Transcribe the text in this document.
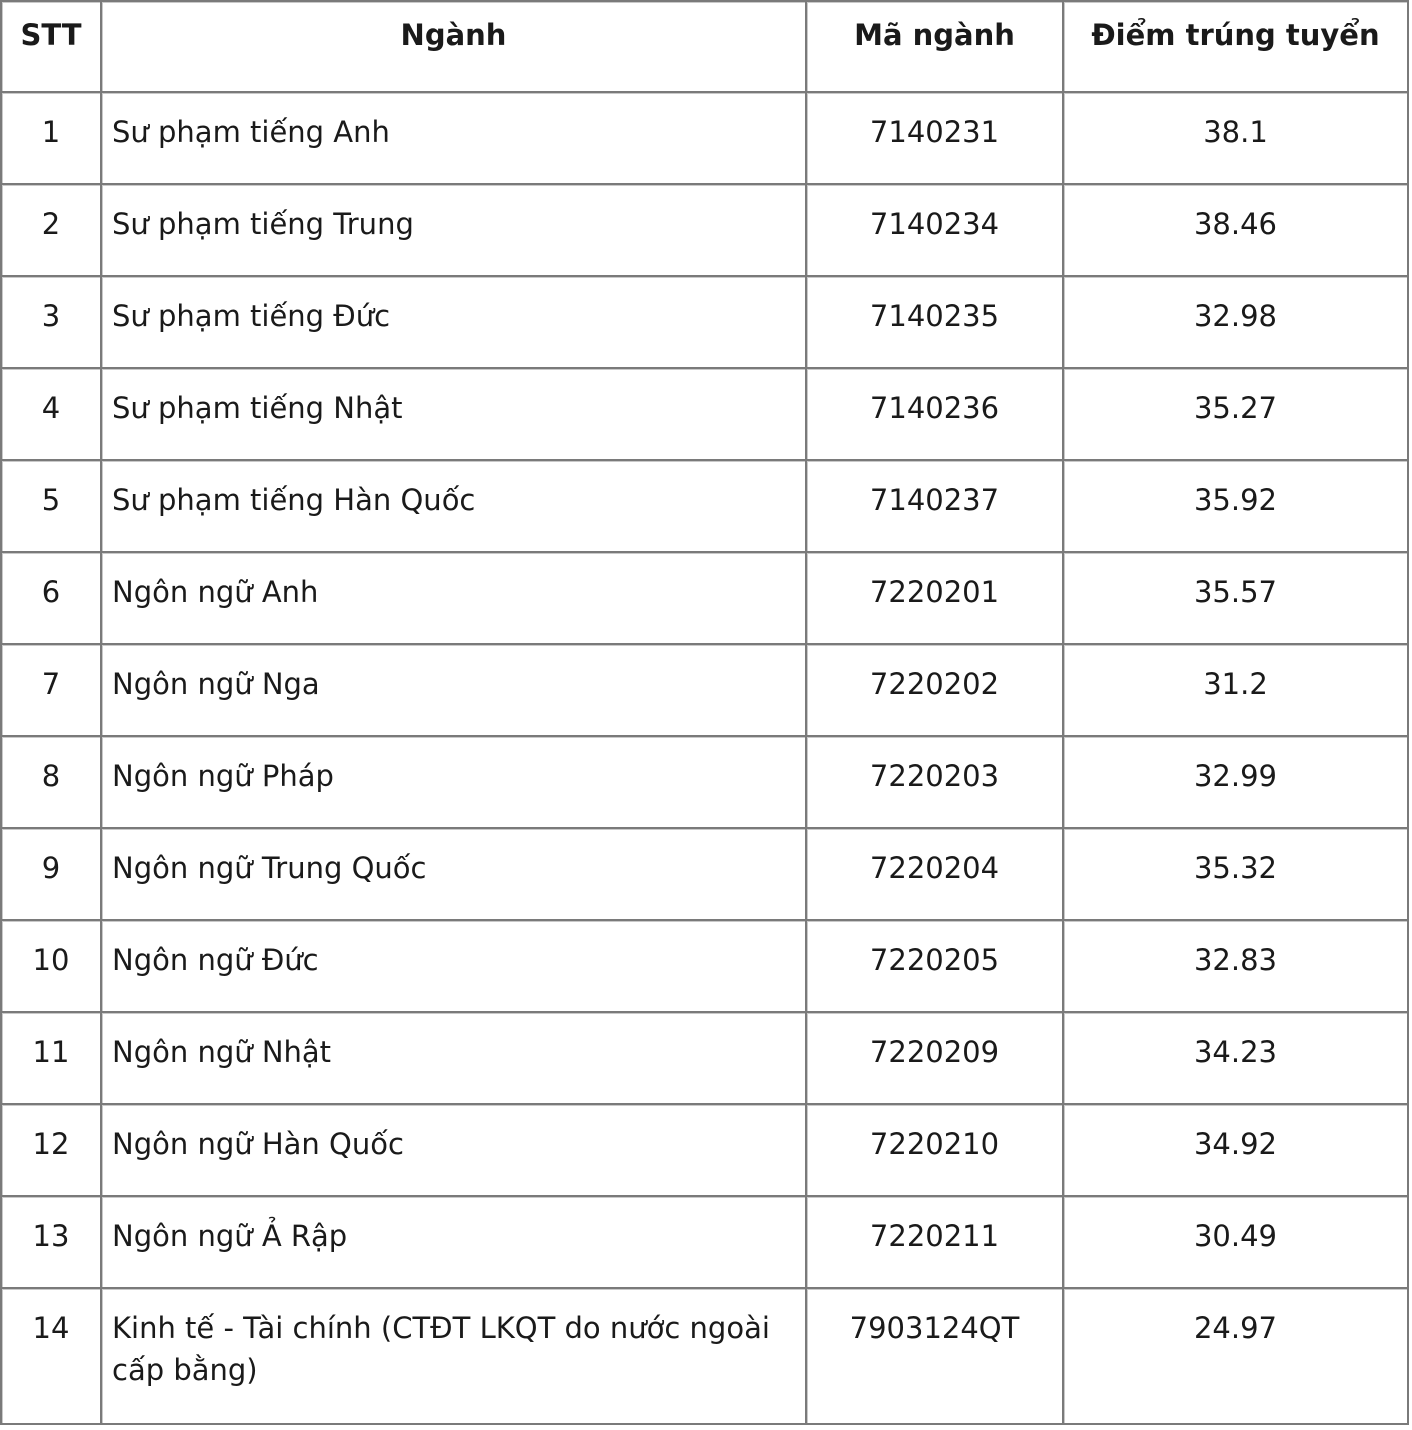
STT	Ngành	Mã ngành	Điểm trúng tuyển
1	Sư phạm tiếng Anh	7140231	38.1
2	Sư phạm tiếng Trung	7140234	38.46
3	Sư phạm tiếng Đức	7140235	32.98
4	Sư phạm tiếng Nhật	7140236	35.27
5	Sư phạm tiếng Hàn Quốc	7140237	35.92
6	Ngôn ngữ Anh	7220201	35.57
7	Ngôn ngữ Nga	7220202	31.2
8	Ngôn ngữ Pháp	7220203	32.99
9	Ngôn ngữ Trung Quốc	7220204	35.32
10	Ngôn ngữ Đức	7220205	32.83
11	Ngôn ngữ Nhật	7220209	34.23
12	Ngôn ngữ Hàn Quốc	7220210	34.92
13	Ngôn ngữ Ả Rập	7220211	30.49
14	Kinh tế - Tài chính (CTĐT LKQT do nước ngoài cấp bằng)	7903124QT	24.97
